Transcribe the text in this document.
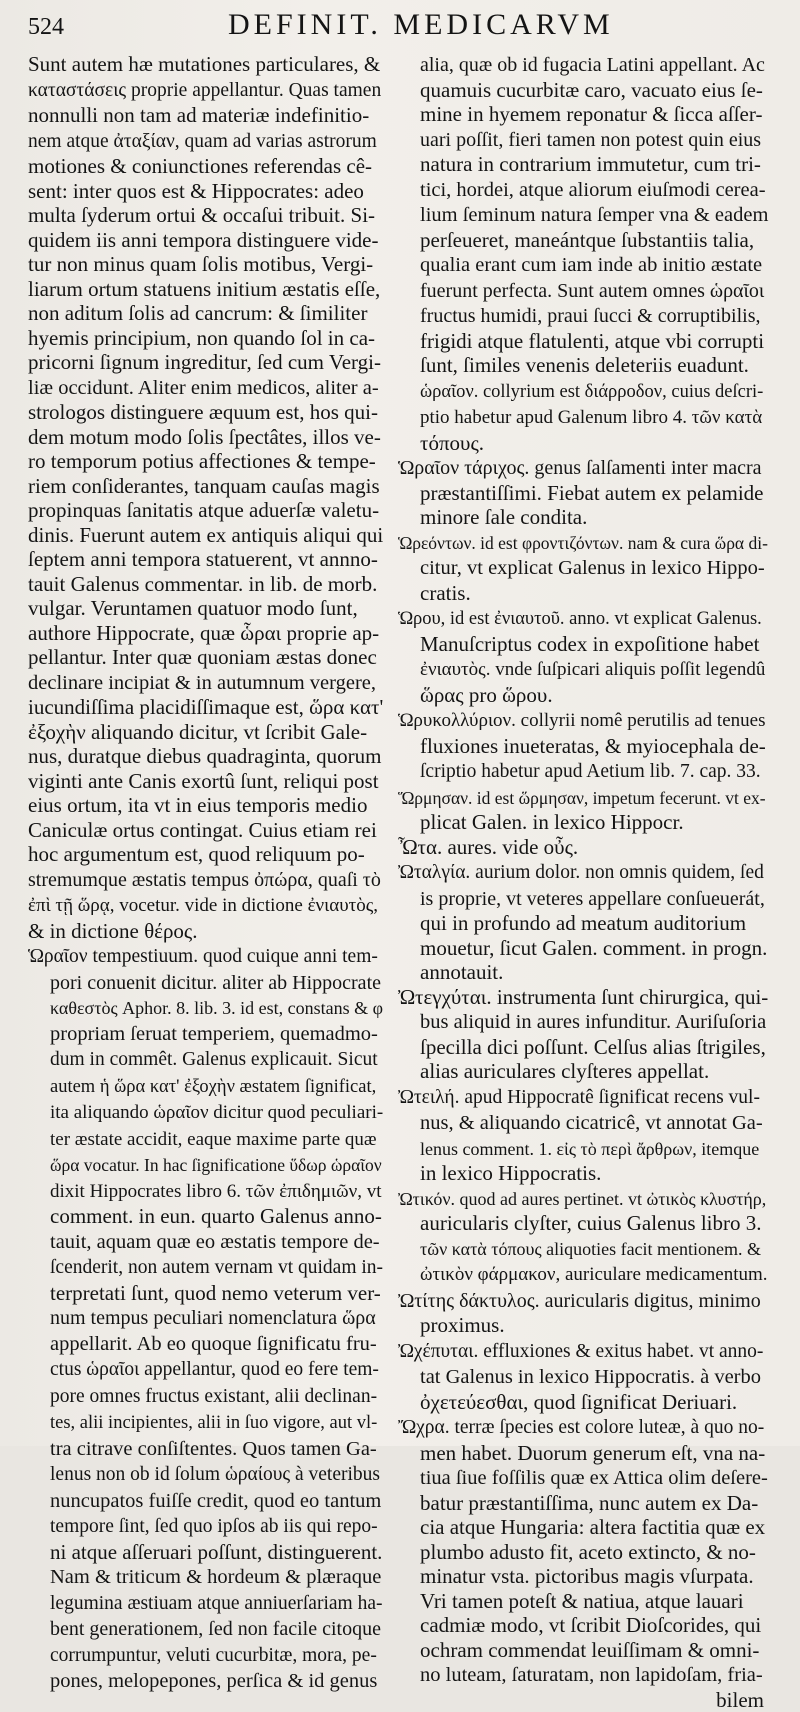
524	DEFINIT. MEDICARVM
Sunt autem hæ mutationes particulares, &
καταστάσεις proprie appellantur. Quas tamen
nonnulli non tam ad materiæ indefinitio-
nem atque ἀταξίαν, quam ad varias astrorum
motiones & coniunctiones referendas cê-
sent: inter quos est & Hippocrates: adeo
multa ſyderum ortui & occaſui tribuit. Si-
quidem iis anni tempora distinguere vide-
tur non minus quam ſolis motibus, Vergi-
liarum ortum statuens initium æstatis eſſe,
non aditum ſolis ad cancrum: & ſimiliter
hyemis principium, non quando ſol in ca-
pricorni ſignum ingreditur, ſed cum Vergi-
liæ occidunt. Aliter enim medicos, aliter a-
strologos distinguere æquum est, hos qui-
dem motum modo ſolis ſpectâtes, illos ve-
ro temporum potius affectiones & tempe-
riem conſiderantes, tanquam cauſas magis
propinquas ſanitatis atque aduerſæ valetu-
dinis. Fuerunt autem ex antiquis aliqui qui
ſeptem anni tempora statuerent, vt annno-
tauit Galenus commentar. in lib. de morb.
vulgar. Veruntamen quatuor modo ſunt,
authore Hippocrate, quæ ὧραι proprie ap-
pellantur. Inter quæ quoniam æstas donec
declinare incipiat & in autumnum vergere,
iucundiſſima placidiſſimaque est, ὥρα κατ'
ἐξοχὴν aliquando dicitur, vt ſcribit Gale-
nus, duratque diebus quadraginta, quorum
viginti ante Canis exortû ſunt, reliqui post
eius ortum, ita vt in eius temporis medio
Caniculæ ortus contingat. Cuius etiam rei
hoc argumentum est, quod reliquum po-
stremumque æstatis tempus ὀπώρα, quaſi τὸ
ἐπὶ τῇ ὥρᾳ, vocetur. vide in dictione ἐνιαυτὸς,
& in dictione θέρος.
Ὡραῖον tempestiuum. quod cuique anni tem-
pori conuenit dicitur. aliter ab Hippocrate
καθεστὸς Aphor. 8. lib. 3. id est, constans & φ
propriam ſeruat temperiem, quemadmo-
dum in commêt. Galenus explicauit. Sicut
autem ἡ ὥρα κατ' ἐξοχὴν æstatem ſignificat,
ita aliquando ὡραῖον dicitur quod peculiari-
ter æstate accidit, eaque maxime parte quæ
ὥρα vocatur. In hac ſignificatione ὕδωρ ὡραῖον
dixit Hippocrates libro 6. τῶν ἐπιδημιῶν, vt
comment. in eun. quarto Galenus anno-
tauit, aquam quæ eo æstatis tempore de-
ſcenderit, non autem vernam vt quidam in-
terpretati ſunt, quod nemo veterum ver-
num tempus peculiari nomenclatura ὥρα
appellarit. Ab eo quoque ſignificatu fru-
ctus ὡραῖοι appellantur, quod eo fere tem-
pore omnes fructus existant, alii declinan-
tes, alii incipientes, alii in ſuo vigore, aut vl-
tra citrave conſiſtentes. Quos tamen Ga-
lenus non ob id ſolum ὡραίους à veteribus
nuncupatos fuiſſe credit, quod eo tantum
tempore ſint, ſed quo ipſos ab iis qui repo-
ni atque aſſeruari poſſunt, distinguerent.
Nam & triticum & hordeum & plæraque
legumina æstiuam atque anniuerſariam ha-
bent generationem, ſed non facile citoque
corrumpuntur, veluti cucurbitæ, mora, pe-
pones, melopepones, perſica & id genus
alia, quæ ob id fugacia Latini appellant. Ac
quamuis cucurbitæ caro, vacuato eius ſe-
mine in hyemem reponatur & ſicca aſſer-
uari poſſit, fieri tamen non potest quin eius
natura in contrarium immutetur, cum tri-
tici, hordei, atque aliorum eiuſmodi cerea-
lium ſeminum natura ſemper vna & eadem
perſeueret, maneántque ſubstantiis talia,
qualia erant cum iam inde ab initio æstate
fuerunt perfecta. Sunt autem omnes ὡραῖοι
fructus humidi, praui ſucci & corruptibilis,
frigidi atque flatulenti, atque vbi corrupti
ſunt, ſimiles venenis deleteriis euadunt.
ὡραῖον. collyrium est διάρροδον, cuius deſcri-
ptio habetur apud Galenum libro 4. τῶν κατὰ
τόπους.
Ὡραῖον τάριχος. genus ſalſamenti inter macra
præstantiſſimi. Fiebat autem ex pelamide
minore ſale condita.
Ὡρεόντων. id est φροντιζόντων. nam & cura ὥρα di-
citur, vt explicat Galenus in lexico Hippo-
cratis.
Ὡρου, id est ἐνιαυτοῦ. anno. vt explicat Galenus.
Manuſcriptus codex in expoſitione habet
ἐνιαυτὸς. vnde ſuſpicari aliquis poſſit legendû
ὥρας pro ὥρου.
Ὡρυκολλύριον. collyrii nomê perutilis ad tenues
fluxiones inueteratas, & myiocephala de-
ſcriptio habetur apud Aetium lib. 7. cap. 33.
Ὥρμησαν. id est ὥρμησαν, impetum fecerunt. vt ex-
plicat Galen. in lexico Hippocr.
Ὦτα. aures. vide οὖς.
Ὠταλγία. aurium dolor. non omnis quidem, ſed
is proprie, vt veteres appellare conſueuerát,
qui in profundo ad meatum auditorium
mouetur, ſicut Galen. comment. in progn.
annotauit.
Ὠτεγχύται. instrumenta ſunt chirurgica, qui-
bus aliquid in aures infunditur. Auriſuſoria
ſpecilla dici poſſunt. Celſus alias ſtrigiles,
alias auriculares clyſteres appellat.
Ὠτειλή. apud Hippocratê ſignificat recens vul-
nus, & aliquando cicatricê, vt annotat Ga-
lenus comment. 1. εἰς τὸ περὶ ἄρθρων, itemque
in lexico Hippocratis.
Ὠτικόν. quod ad aures pertinet. vt ὠτικὸς κλυστήρ,
auricularis clyſter, cuius Galenus libro 3.
τῶν κατὰ τόπους aliquoties facit mentionem. &
ὠτικὸν φάρμακον, auriculare medicamentum.
Ὠτίτης δάκτυλος. auricularis digitus, minimo
proximus.
Ὠχέπυται. effluxiones & exitus habet. vt anno-
tat Galenus in lexico Hippocratis. à verbo
ὀχετεύεσθαι, quod ſignificat Deriuari.
Ὤχρα. terræ ſpecies est colore luteæ, à quo no-
men habet. Duorum generum eſt, vna na-
tiua ſiue foſſilis quæ ex Attica olim deſere-
batur præstantiſſima, nunc autem ex Da-
cia atque Hungaria: altera factitia quæ ex
plumbo adusto fit, aceto extincto, & no-
minatur vsta. pictoribus magis vſurpata.
Vri tamen poteſt & natiua, atque lauari
cadmiæ modo, vt ſcribit Dioſcorides, qui
ochram commendat leuiſſimam & omni-
no luteam, ſaturatam, non lapidoſam, fria-
bilem
